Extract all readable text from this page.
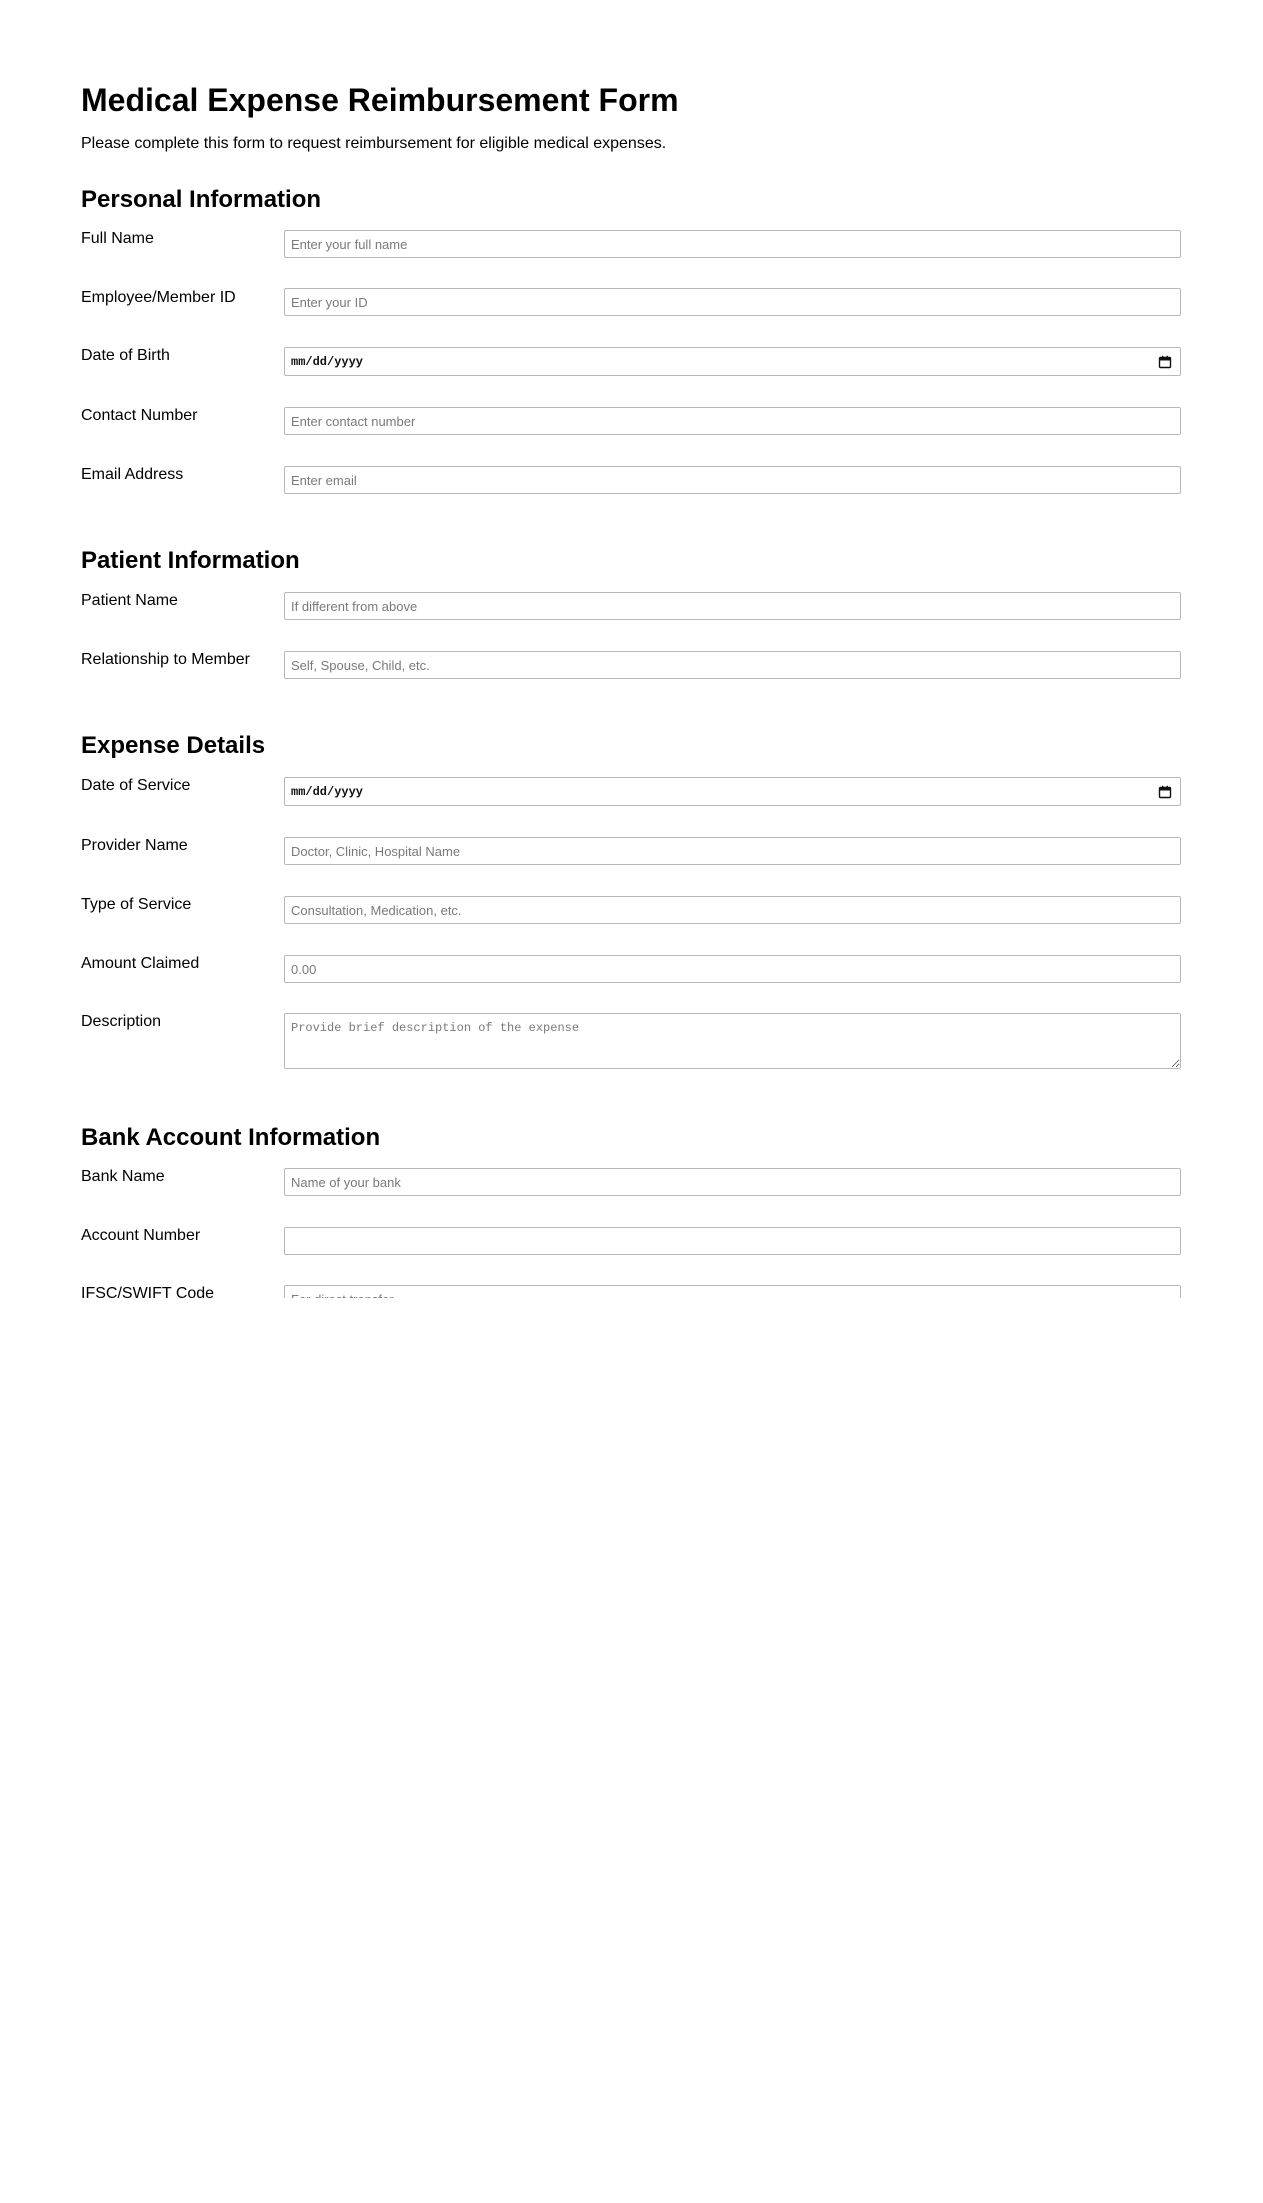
Medical Expense Reimbursement Form

Please complete this form to request reimbursement for eligible medical expenses.

Personal Information
Full Name
Enter your full name
Employee/Member ID
Enter your ID
Date of Birth	mm/dd/yyyy
Contact Number
Enter contact number
Email Address
Enter email
Patient Information
Patient Name
If different from above
Relationship to Member
Self, Spouse, Child, etc.
Expense Details
Date of Service	mm/dd/yyyy
Provider Name
Doctor, Clinic, Hospital Name
Type of Service
Consultation, Medication, etc.
Amount Claimed
0.00
Description
Provide brief description of the expense
Bank Account Information
Bank Name
Name of your bank
Account Number
IFSC/SWIFT Code
For direct transfer
